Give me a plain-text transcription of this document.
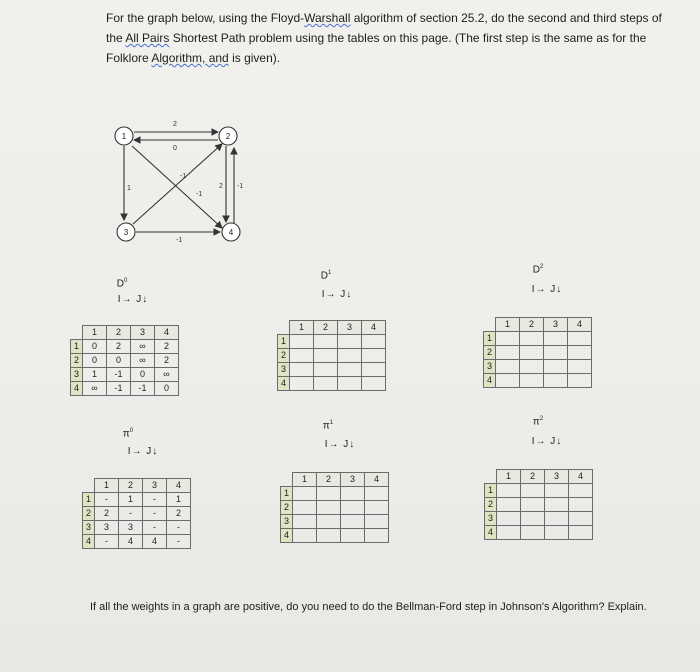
For the graph below, using the Floyd-Warshall algorithm of section 25.2, do the second and third steps of the All Pairs Shortest Path problem using the tables on this page. (The first step is the same as for the Folklore Algorithm, and is given).
2
0
1
-1
-1
2 -1
-1
1	2
3	4
$D^0$
I→ J↓
	1	2	3	4
1	0	2	∞	2
2	0	0	∞	2
3	1	-1	0	∞
4	∞	-1	-1	0
$D^1$
I→ J↓
	1	2	3	4
1				
2				
3				
4				
$D^2$
I→ J↓
	1	2	3	4
1				
2				
3				
4				
$\pi^0$
I→ J↓
	1	2	3	4
1	-	1	-	1
2	2	-	-	2
3	3	3	-	-
4	-	4	4	-
$\pi^1$
I→ J↓
	1	2	3	4
1				
2				
3				
4				
$\pi^2$
I→ J↓
	1	2	3	4
1				
2				
3				
4				
If all the weights in a graph are positive, do you need to do the Bellman-Ford step in Johnson's Algorithm? Explain.
